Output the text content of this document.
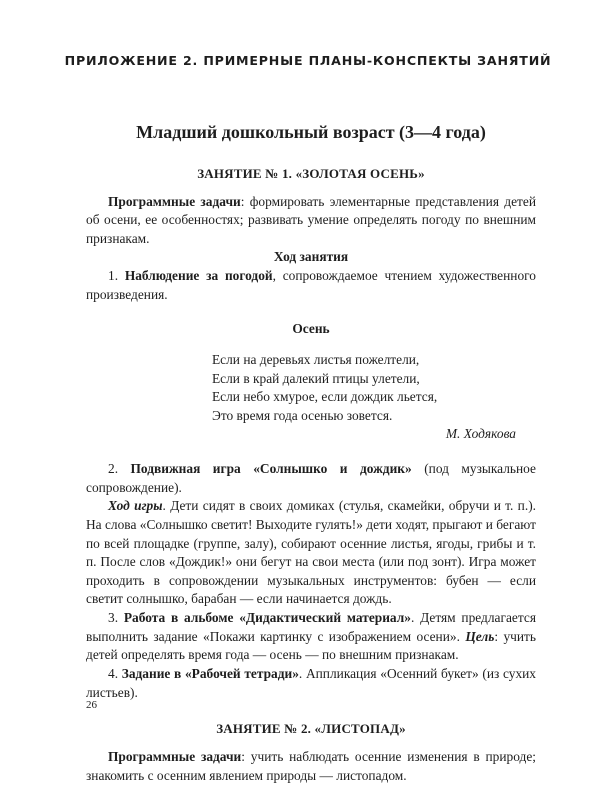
ПРИЛОЖЕНИЕ 2. ПРИМЕРНЫЕ ПЛАНЫ-КОНСПЕКТЫ ЗАНЯТИЙ
Младший дошкольный возраст (3—4 года)
ЗАНЯТИЕ № 1. «ЗОЛОТАЯ ОСЕНЬ»

Программные задачи: формировать элементарные представления детей об осени, ее особенностях; развивать умение определять погоду по внешним признакам.

Ход занятия

1. Наблюдение за погодой, сопровождаемое чтением художественного произведения.

Осень
Если на деревьях листья пожелтели,
Если в край далекий птицы улетели,
Если небо хмурое, если дождик льется,
Это время года осенью зовется.
М. Ходякова

2. Подвижная игра «Солнышко и дождик» (под музыкальное сопровождение).

Ход игры. Дети сидят в своих домиках (стулья, скамейки, обручи и т. п.). На слова «Солнышко светит! Выходите гулять!» дети ходят, прыгают и бегают по всей площадке (группе, залу), собирают осенние листья, ягоды, грибы и т. п. После слов «Дождик!» они бегут на свои места (или под зонт). Игра может проходить в сопровождении музыкальных инструментов: бубен — если светит солнышко, барабан — если начинается дождь.

3. Работа в альбоме «Дидактический материал». Детям предлагается выполнить задание «Покажи картинку с изображением осени». Цель: учить детей определять время года — осень — по внешним признакам.

4. Задание в «Рабочей тетради». Аппликация «Осенний букет» (из сухих листьев).

ЗАНЯТИЕ № 2. «ЛИСТОПАД»

Программные задачи: учить наблюдать осенние изменения в природе; знакомить с осенним явлением природы — листопадом.

26
